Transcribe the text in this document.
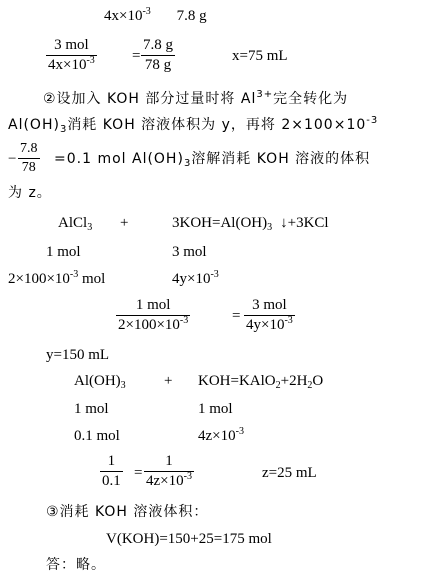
$4x\times 10^{-3}$ 7.8 g
3 mol
$4x\times 10^{-3} = \frac{7.8 g}{78 g}$	x=75 mL
②设加入 KOH 部分过量时将 $Al^{3+}$完全转化为
$Al(OH)_3$消耗 KOH 溶液体积为 y，再将 $2\times 100\times 10^{-3}$
− $\frac{7.8}{78} =0.1$ mol $Al(OH)_3$溶解消耗 KOH 溶液的体积
为 z。
AlCl$_3$ +	$3KOH=Al(OH)_3$ ↓+3KCl
1 mol	3 mol
$2\times 100\times 10^{-3}$ mol	$4y\times 10^{-3}$
1 mol
$2\times 100\times 10^{-3}$	=
3 mol
$4y\times 10^{-3}$
y=150 mL
$Al(OH)_3$	+ $KOH=KAlO_2+2H_2O$
1 mol	1 mol
0.1 mol	$4z\times 10^{-3}$
$\frac{1}{0.1} = \frac{1}{4z\times 10^{-3}}$	z=25 mL
③消耗 KOH 溶液体积：
V(KOH)=150+25=175 mol
答：略。
